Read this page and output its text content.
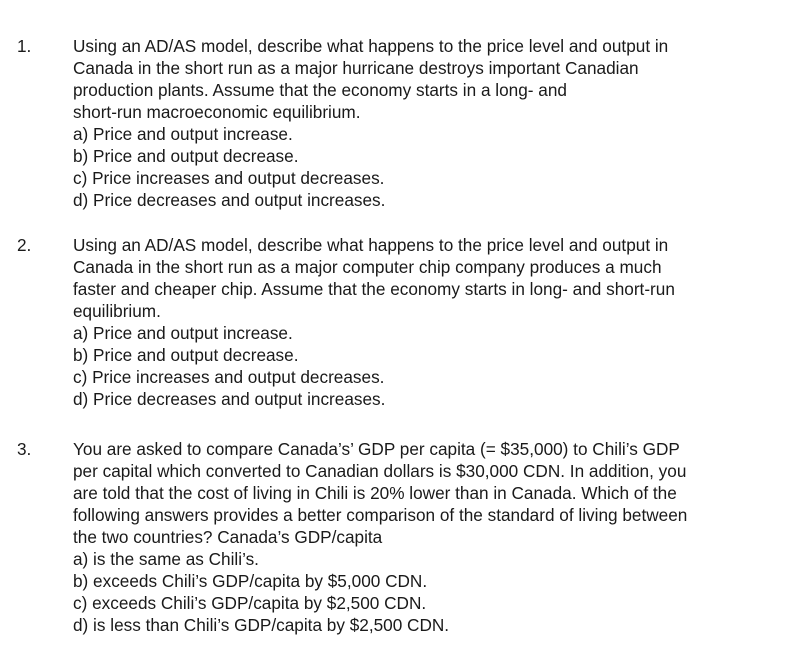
1.	Using an AD/AS model, describe what happens to the price level and output in
Canada in the short run as a major hurricane destroys important Canadian
production plants. Assume that the economy starts in a long- and
short-run macroeconomic equilibrium.
a) Price and output increase.
b) Price and output decrease.
c) Price increases and output decreases.
d) Price decreases and output increases.
2.	Using an AD/AS model, describe what happens to the price level and output in
Canada in the short run as a major computer chip company produces a much
faster and cheaper chip. Assume that the economy starts in long- and short-run
equilibrium.
a) Price and output increase.
b) Price and output decrease.
c) Price increases and output decreases.
d) Price decreases and output increases.
3.	You are asked to compare Canada’s’ GDP per capita (= $35,000) to Chili’s GDP
per capital which converted to Canadian dollars is $30,000 CDN. In addition, you
are told that the cost of living in Chili is 20% lower than in Canada. Which of the
following answers provides a better comparison of the standard of living between
the two countries? Canada’s GDP/capita
a) is the same as Chili’s.
b) exceeds Chili’s GDP/capita by $5,000 CDN.
c) exceeds Chili’s GDP/capita by $2,500 CDN.
d) is less than Chili’s GDP/capita by $2,500 CDN.
